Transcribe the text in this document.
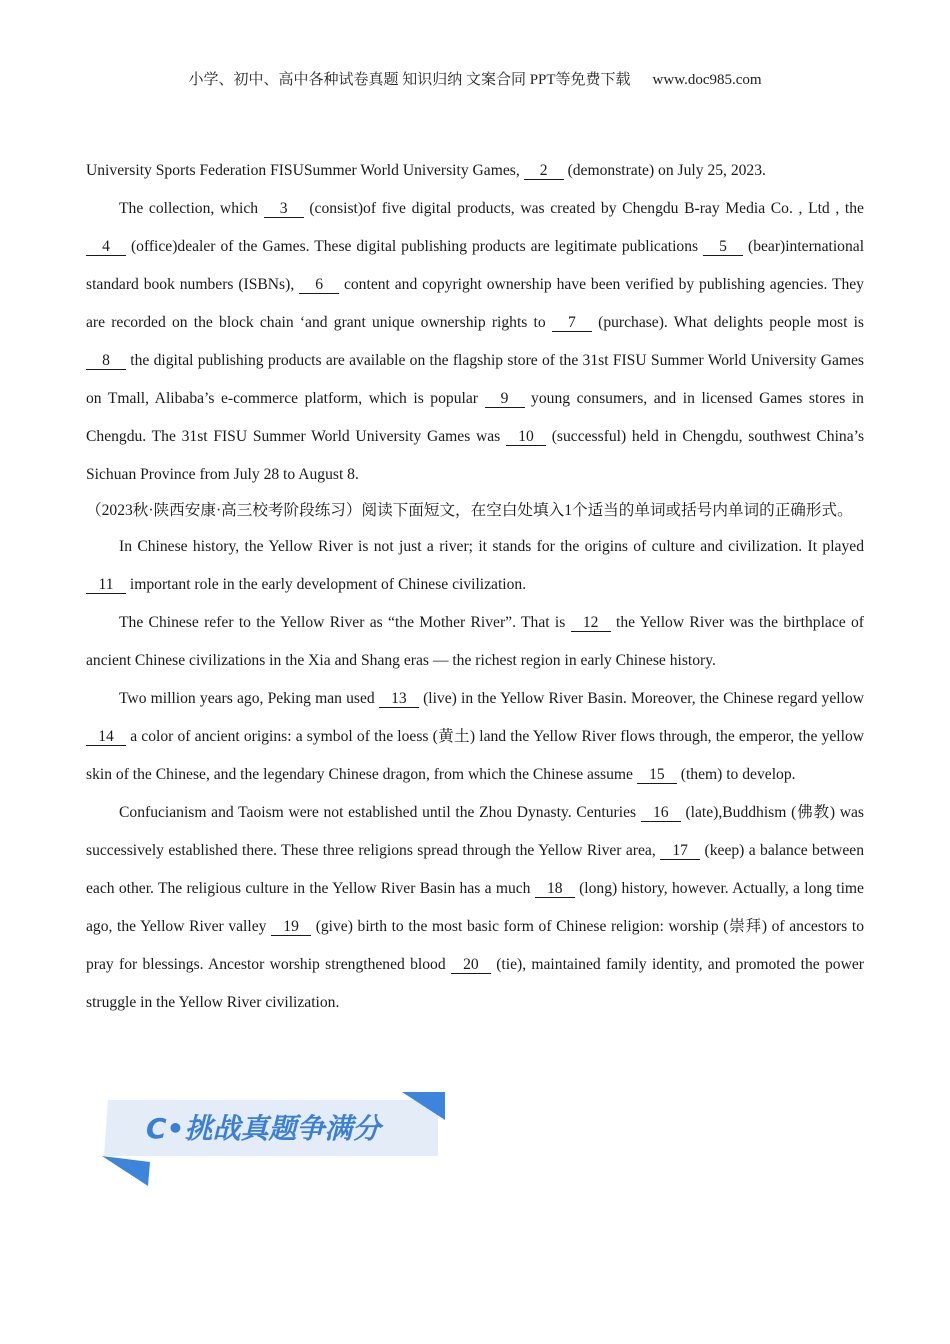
小学、初中、高中各种试卷真题 知识归纳 文案合同 PPT等免费下载 www.doc985.com

University Sports Federation FISUSummer World University Games, 2 (demonstrate) on July 25, 2023.

The collection, which 3 (consist)of five digital products, was created by Chengdu B-ray Media Co. , Ltd , the 4 (office)dealer of the Games. These digital publishing products are legitimate publications 5 (bear)international standard book numbers (ISBNs), 6 content and copyright ownership have been verified by publishing agencies. They are recorded on the block chain ‘and grant unique ownership rights to 7 (purchase). What delights people most is 8 the digital publishing products are available on the flagship store of the 31st FISU Summer World University Games on Tmall, Alibaba’s e-commerce platform, which is popular 9 young consumers, and in licensed Games stores in Chengdu. The 31st FISU Summer World University Games was 10 (successful) held in Chengdu, southwest China’s Sichuan Province from July 28 to August 8.

（2023秋·陕西安康·高三校考阶段练习）阅读下面短文，在空白处填入1个适当的单词或括号内单词的正确形式。

In Chinese history, the Yellow River is not just a river; it stands for the origins of culture and civilization. It played 11 important role in the early development of Chinese civilization.

The Chinese refer to the Yellow River as “the Mother River”. That is 12 the Yellow River was the birthplace of ancient Chinese civilizations in the Xia and Shang eras — the richest region in early Chinese history.

Two million years ago, Peking man used 13 (live) in the Yellow River Basin. Moreover, the Chinese regard yellow 14 a color of ancient origins: a symbol of the loess (黄土) land the Yellow River flows through, the emperor, the yellow skin of the Chinese, and the legendary Chinese dragon, from which the Chinese assume 15 (them) to develop.

Confucianism and Taoism were not established until the Zhou Dynasty. Centuries 16 (late),Buddhism (佛教) was successively established there. These three religions spread through the Yellow River area, 17 (keep) a balance between each other. The religious culture in the Yellow River Basin has a much 18 (long) history, however. Actually, a long time ago, the Yellow River valley 19 (give) birth to the most basic form of Chinese religion: worship (崇拜) of ancestors to pray for blessings. Ancestor worship strengthened blood 20 (tie), maintained family identity, and promoted the power struggle in the Yellow River civilization.

C•挑战真题争满分
